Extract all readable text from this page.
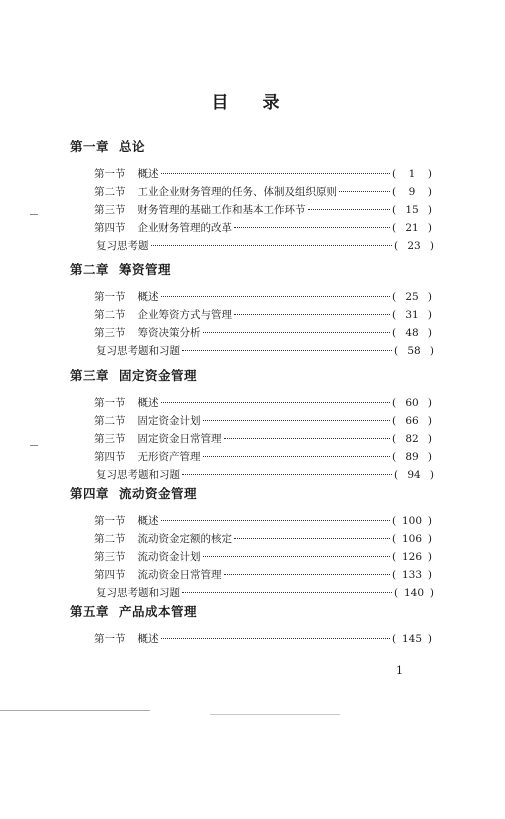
目 录
第一章 总论
第一节 概述	( 1 )
第二节 工业企业财务管理的任务、体制及组织原则	( 9 )
第三节 财务管理的基础工作和基本工作环节	( 15 )
第四节 企业财务管理的改革	( 21 )
复习思考题	( 23 )
第二章 筹资管理
第一节 概述	( 25 )
第二节 企业筹资方式与管理	( 31 )
第三节 筹资决策分析	( 48 )
复习思考题和习题	( 58 )
第三章 固定资金管理
第一节 概述	( 60 )
第二节 固定资金计划	( 66 )
第三节 固定资金日常管理	( 82 )
第四节 无形资产管理	( 89 )
复习思考题和习题	( 94 )
第四章 流动资金管理
第一节 概述	( 100 )
第二节 流动资金定额的核定	( 106 )
第三节 流动资金计划	( 126 )
第四节 流动资金日常管理	( 133 )
复习思考题和习题	( 140 )
第五章 产品成本管理
第一节 概述	( 145 )
1
